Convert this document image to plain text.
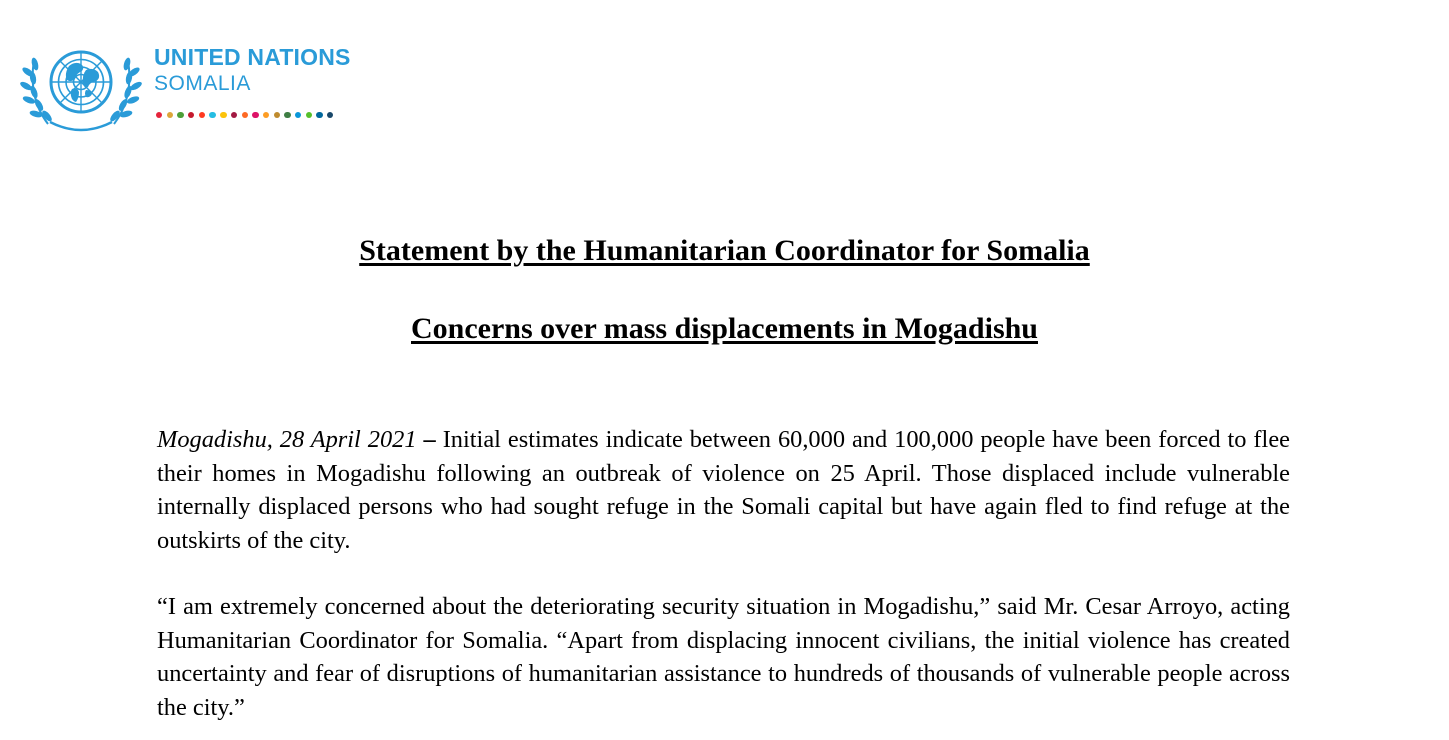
UNITED NATIONS
SOMALIA
Statement by the Humanitarian Coordinator for Somalia
Concerns over mass displacements in Mogadishu

Mogadishu, 28 April 2021 – Initial estimates indicate between 60,000 and 100,000 people have been forced to flee their homes in Mogadishu following an outbreak of violence on 25 April. Those displaced include vulnerable internally displaced persons who had sought refuge in the Somali capital but have again fled to find refuge at the outskirts of the city.

“I am extremely concerned about the deteriorating security situation in Mogadishu,” said Mr. Cesar Arroyo, acting Humanitarian Coordinator for Somalia. “Apart from displacing innocent civilians, the initial violence has created uncertainty and fear of disruptions of humanitarian assistance to hundreds of thousands of vulnerable people across the city.”
